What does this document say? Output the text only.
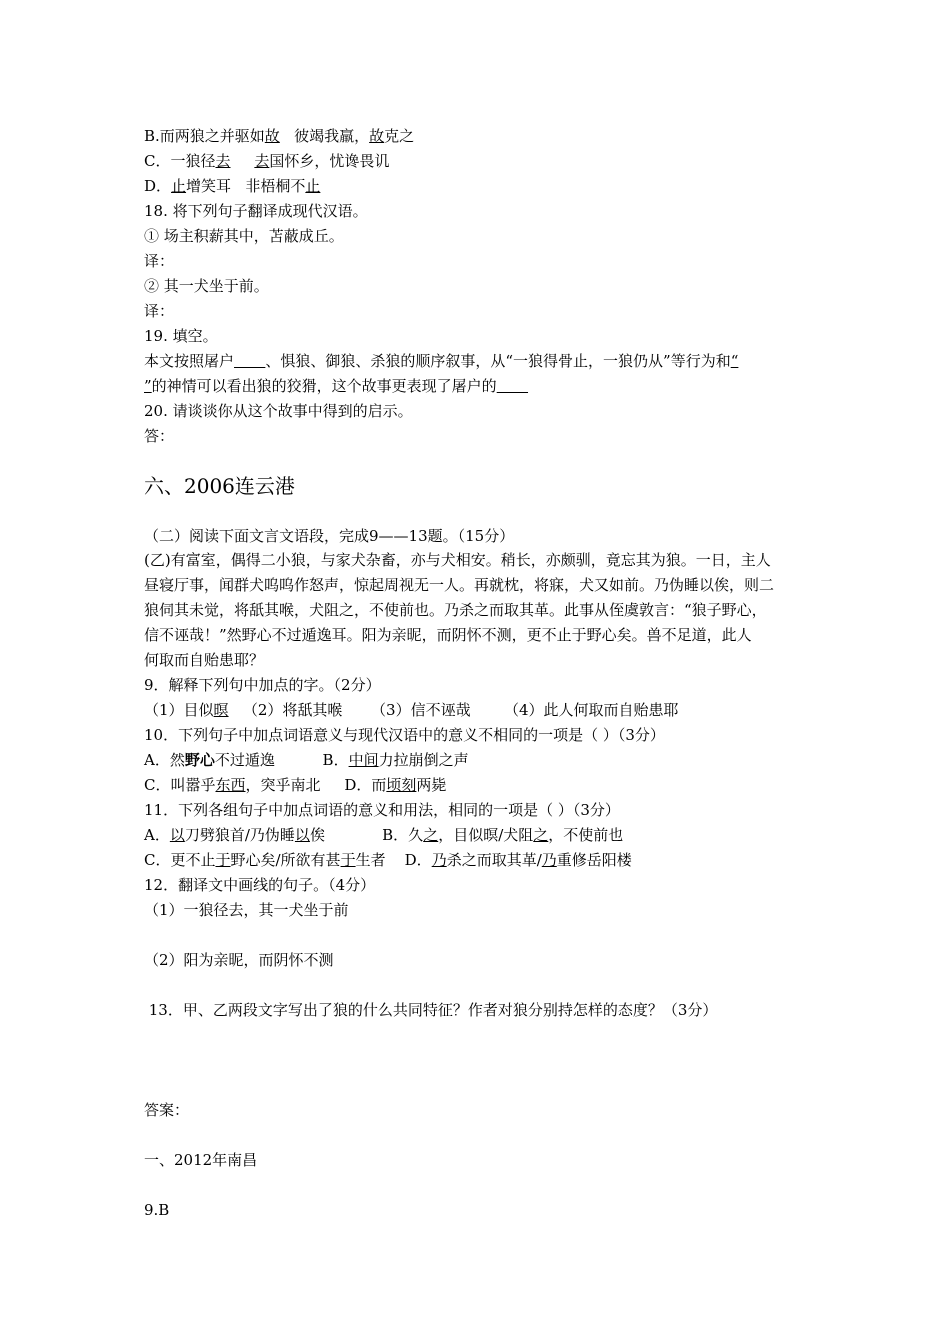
B.而两狼之并驱如故   彼竭我羸，故克之
C．一狼径去 去国怀乡，忧谗畏讥
D．止增笑耳   非梧桐不止
18. 将下列句子翻译成现代汉语。
① 场主积薪其中，苫蔽成丘。
译：
② 其一犬坐于前。
译：
19. 填空。
本文按照屠户 、惧狼、御狼、杀狼的顺序叙事，从“一狼得骨止，一狼仍从”等行为和“
”的神情可以看出狼的狡猾，这个故事更表现了屠户的
20. 请谈谈你从这个故事中得到的启示。
答：
六、2006连云港
（二）阅读下面文言文语段，完成9——13题。（15分）
(乙)有富室，偶得二小狼，与家犬杂畜，亦与犬相安。稍长，亦颇驯，竟忘其为狼。一日，主人
昼寝厅事，闻群犬呜呜作怒声，惊起周视无一人。再就枕，将寐，犬又如前。乃伪睡以俟，则二
狼伺其未觉，将舐其喉，犬阻之，不使前也。乃杀之而取其革。此事从侄虞敦言：“狼子野心，
信不诬哉！”然野心不过遁逸耳。阳为亲昵，而阴怀不测，更不止于野心矣。兽不足道，此人
何取而自贻患耶？
9．解释下列句中加点的字。（2分）
（1）目似暝   （2）将舐其喉      （3）信不诬哉       （4）此人何取而自贻患耶
10．下列句子中加点词语意义与现代汉语中的意义不相同的一项是（ ）（3分）
A．然野心不过遁逸          B．中间力拉崩倒之声
C．叫嚣乎东西，突乎南北     D．而顷刻两毙
11．下列各组句子中加点词语的意义和用法，相同的一项是（ ）（3分）
A．以刀劈狼首/乃伪睡以俟            B．久之，目似暝/犬阻之，不使前也
C．更不止于野心矣/所欲有甚于生者    D．乃杀之而取其革/乃重修岳阳楼
12．翻译文中画线的句子。（4分）
（1）一狼径去，其一犬坐于前
（2）阳为亲昵，而阴怀不测
13．甲、乙两段文字写出了狼的什么共同特征？作者对狼分别持怎样的态度？（3分）
答案：
一、2012年南昌
9.B
